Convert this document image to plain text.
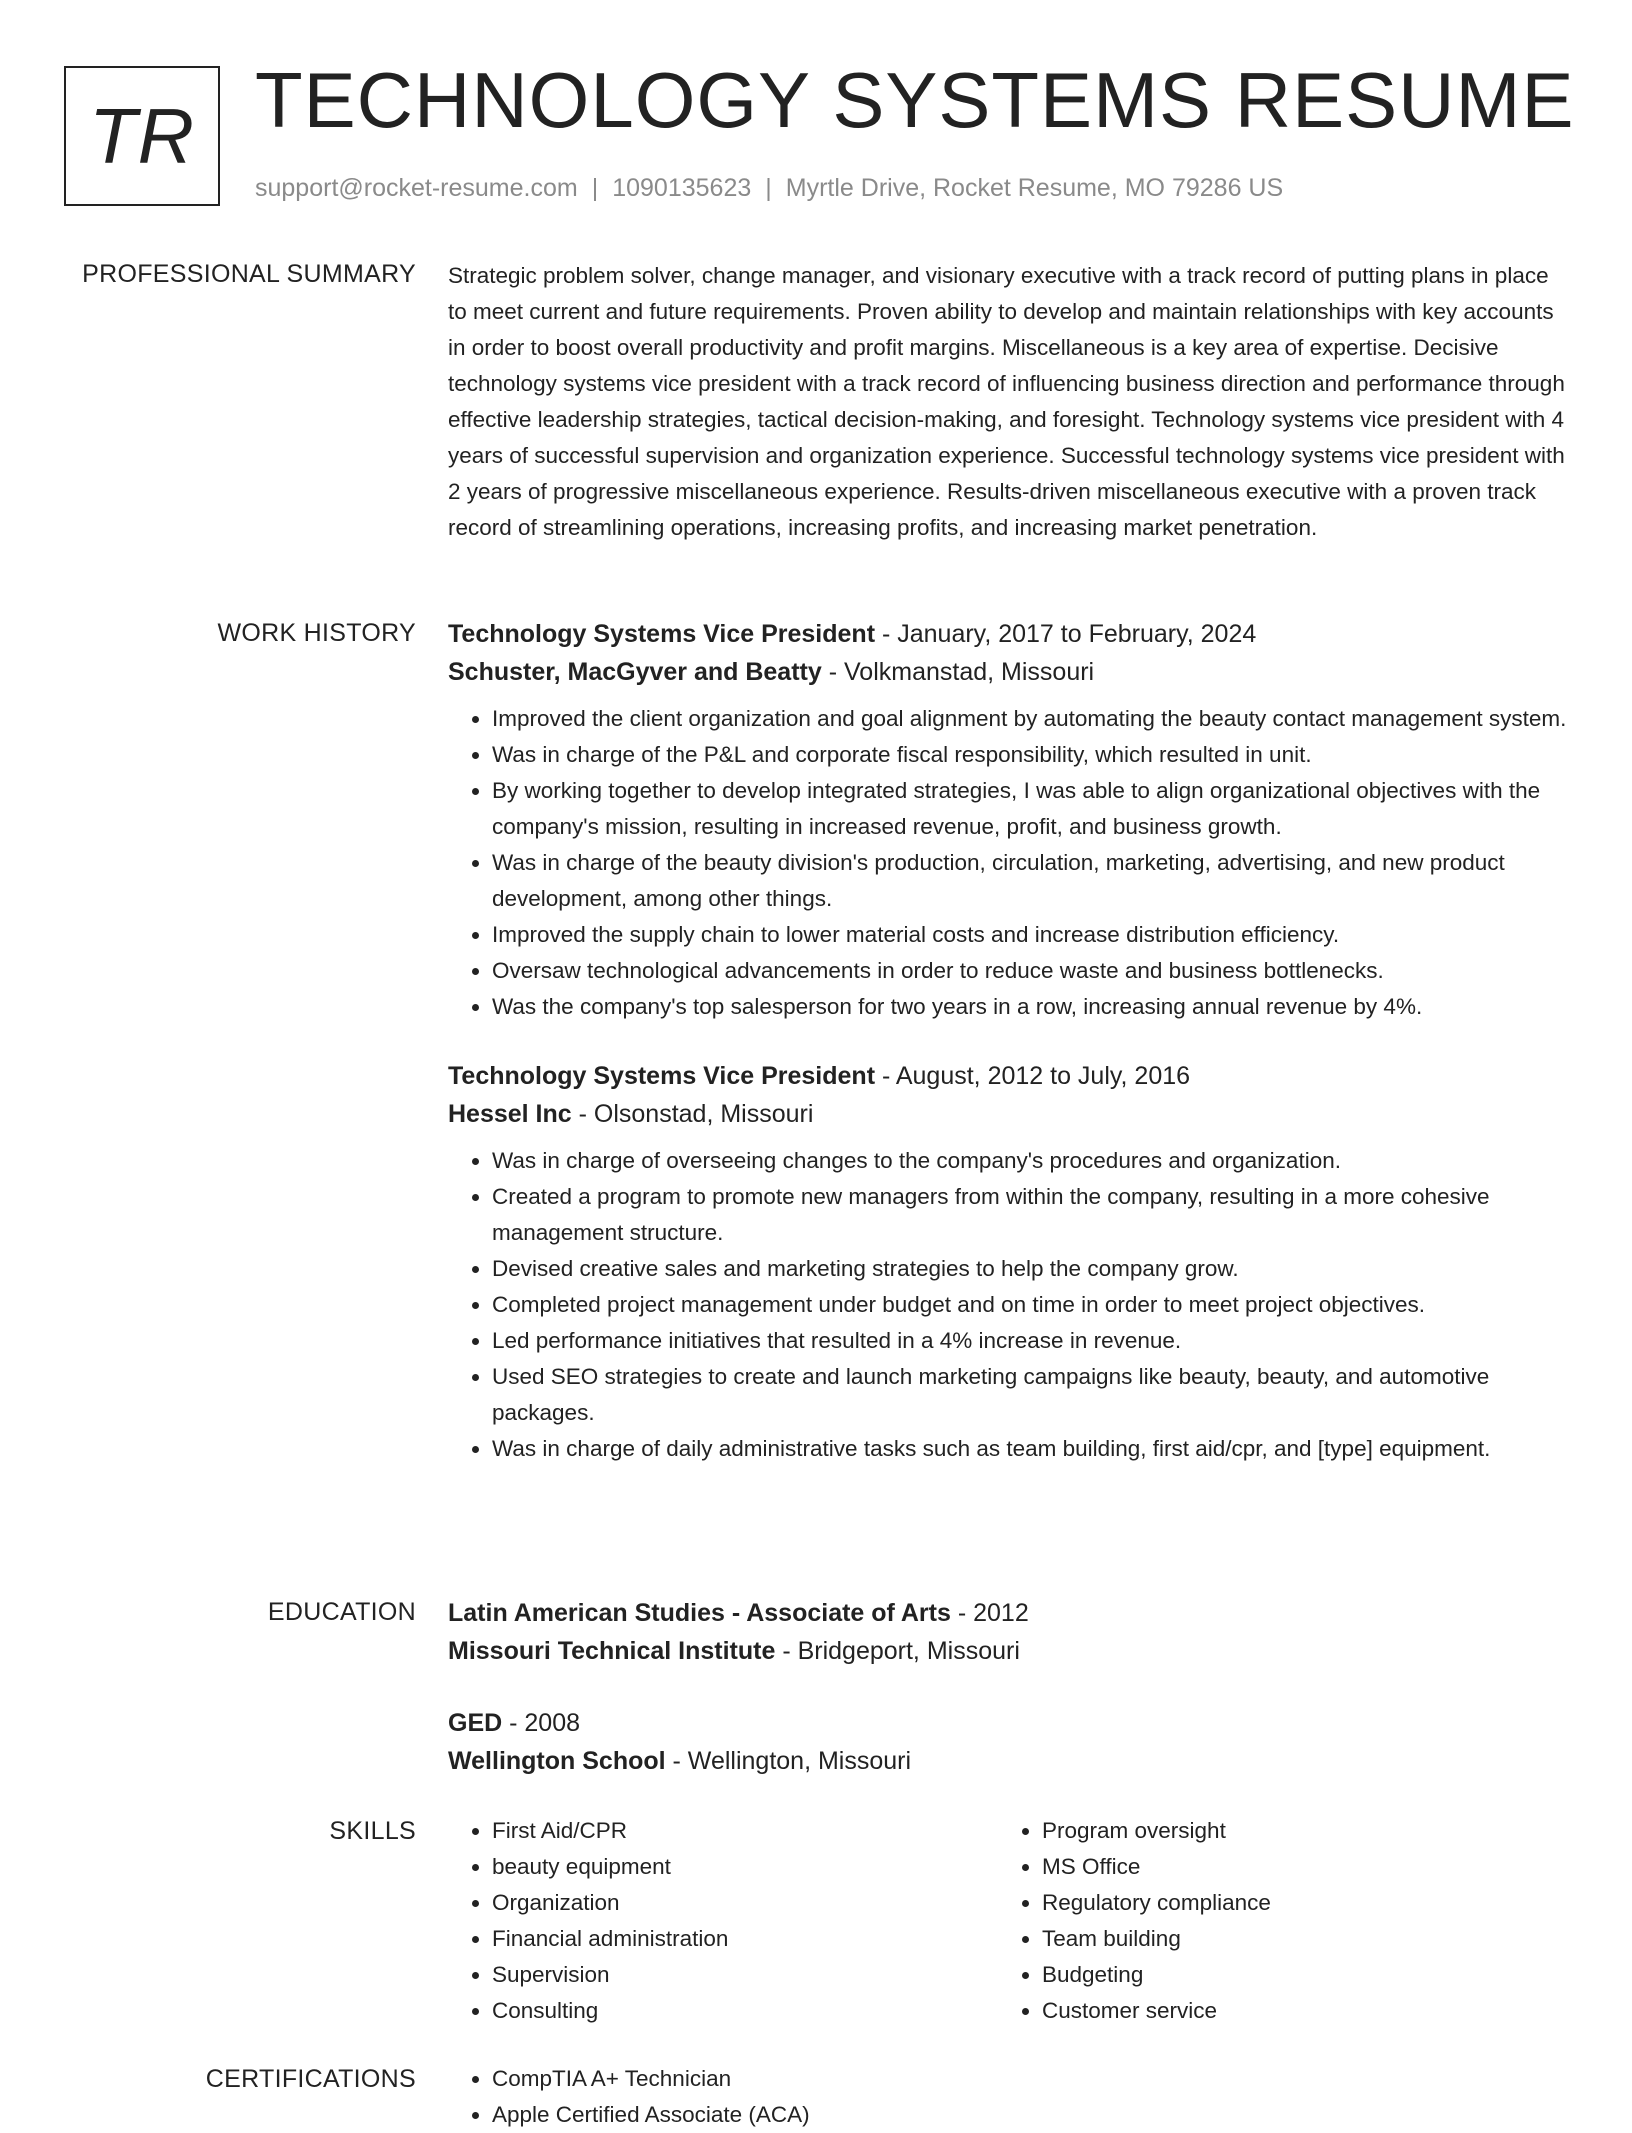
TR TECHNOLOGY SYSTEMS RESUME
support@rocket-resume.com | 1090135623 | Myrtle Drive, Rocket Resume, MO 79286 US
PROFESSIONAL SUMMARY Strategic problem solver, change manager, and visionary executive with a track record of putting plans in place to meet current and future requirements. Proven ability to develop and maintain relationships with key accounts in order to boost overall productivity and profit margins. Miscellaneous is a key area of expertise. Decisive technology systems vice president with a track record of influencing business direction and performance through effective leadership strategies, tactical decision-making, and foresight. Technology systems vice president with 4 years of successful supervision and organization experience. Successful technology systems vice president with 2 years of progressive miscellaneous experience. Results-driven miscellaneous executive with a proven track record of streamlining operations, increasing profits, and increasing market penetration.

WORK HISTORY Technology Systems Vice President - January, 2017 to February, 2024

Schuster, MacGyver and Beatty - Volkmanstad, Missouri

• Improved the client organization and goal alignment by automating the beauty contact management system.
• Was in charge of the P&L and corporate fiscal responsibility, which resulted in unit.
• By working together to develop integrated strategies, I was able to align organizational objectives with the company's mission, resulting in increased revenue, profit, and business growth.
• Was in charge of the beauty division's production, circulation, marketing, advertising, and new product development, among other things.
• Improved the supply chain to lower material costs and increase distribution efficiency.
• Oversaw technological advancements in order to reduce waste and business bottlenecks.
• Was the company's top salesperson for two years in a row, increasing annual revenue by 4%.

Technology Systems Vice President - August, 2012 to July, 2016

Hessel Inc - Olsonstad, Missouri

• Was in charge of overseeing changes to the company's procedures and organization.
• Created a program to promote new managers from within the company, resulting in a more cohesive management structure.
• Devised creative sales and marketing strategies to help the company grow.
• Completed project management under budget and on time in order to meet project objectives.
• Led performance initiatives that resulted in a 4% increase in revenue.
• Used SEO strategies to create and launch marketing campaigns like beauty, beauty, and automotive packages.
• Was in charge of daily administrative tasks such as team building, first aid/cpr, and [type] equipment.
EDUCATION Latin American Studies - Associate of Arts - 2012

Missouri Technical Institute - Bridgeport, Missouri

GED - 2008

Wellington School - Wellington, Missouri

SKILLS	• First Aid/CPR
• beauty equipment
• Organization
• Financial administration
• Supervision
• Consulting
• Program oversight
• MS Office
• Regulatory compliance
• Team building
• Budgeting
• Customer service
CERTIFICATIONS	• CompTIA A+ Technician
• Apple Certified Associate (ACA)
